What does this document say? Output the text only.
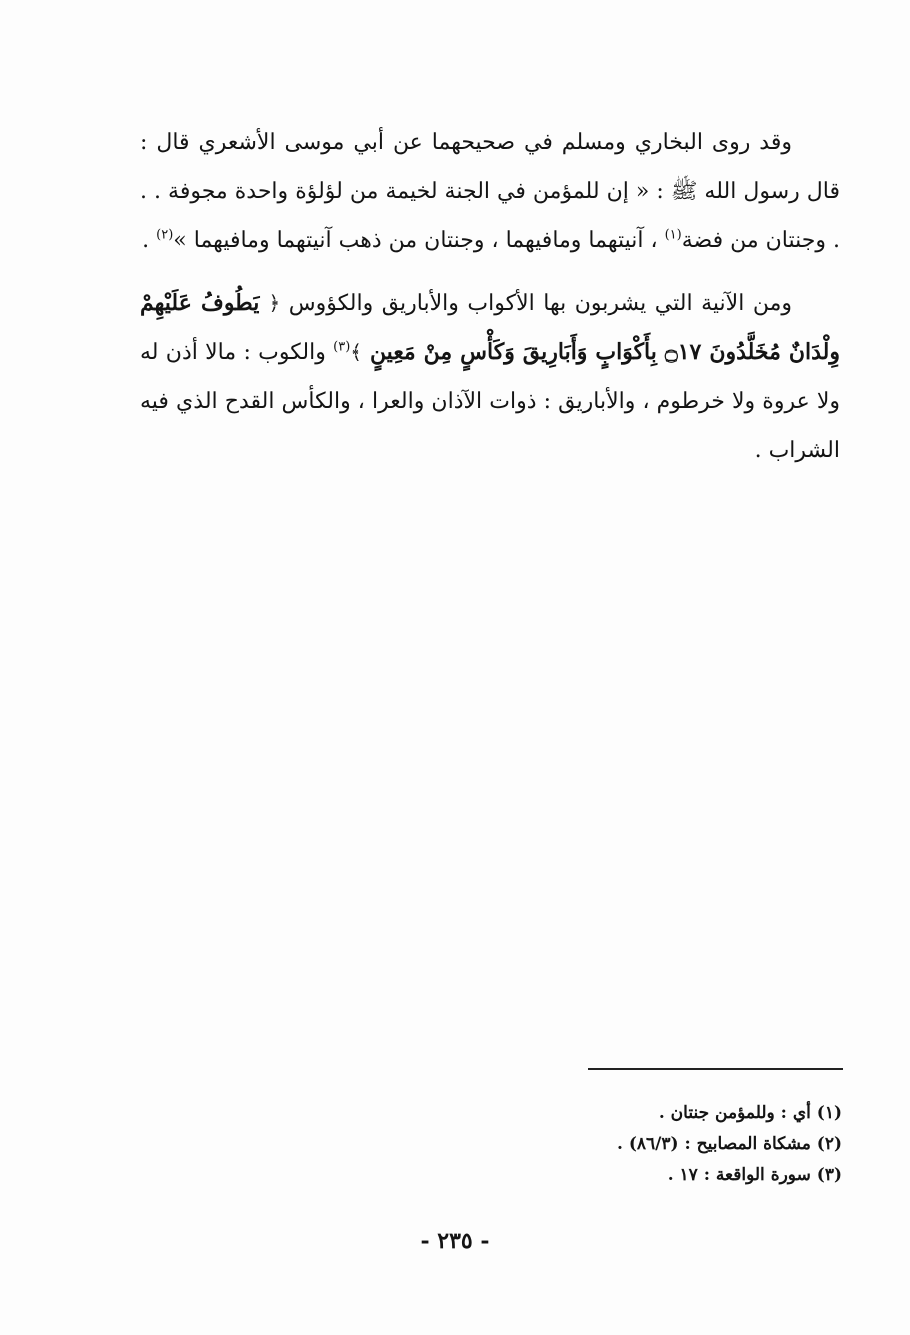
وقد روى البخاري ومسلم في صحيحهما عن أبي موسى الأشعري قال : قال رسول الله ﷺ : « إن للمؤمن في الجنة لخيمة من لؤلؤة واحدة مجوفة . . . وجنتان من فضة$^{(١)}$ ، آنيتهما ومافيهما ، وجنتان من ذهب آنيتهما ومافيهما »$^{(٢)}$ .

ومن الآنية التي يشربون بها الأكواب والأباريق والكؤوس ﴿ يَطُوفُ عَلَيْهِمْ وِلْدَانٌ مُخَلَّدُونَ ۝١٧ بِأَكْوَابٍ وَأَبَارِيقَ وَكَأْسٍ مِنْ مَعِينٍ ﴾$^{(٣)}$ والكوب : مالا أذن له ولا عروة ولا خرطوم ، والأباريق : ذوات الآذان والعرا ، والكأس القدح الذي فيه الشراب .

(١) أي : وللمؤمن جنتان .
(٢) مشكاة المصابيح : (٨٦/٣) .
(٣) سورة الواقعة : ١٧ .
- ٢٣٥ -
